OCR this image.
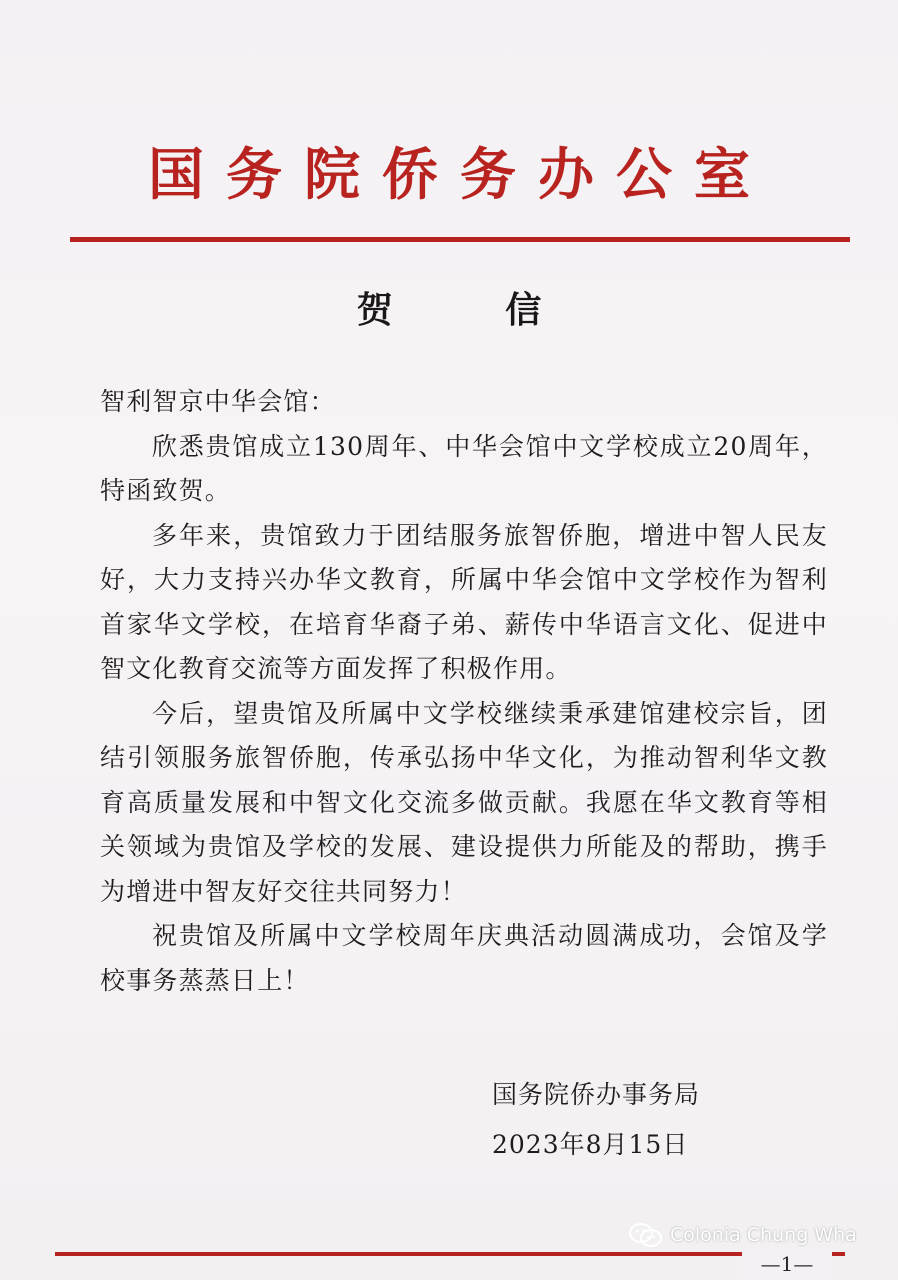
国务院侨务办公室
贺 信

智利智京中华会馆：

欣悉贵馆成立130周年、中华会馆中文学校成立20周年，特函致贺。

多年来，贵馆致力于团结服务旅智侨胞，增进中智人民友好，大力支持兴办华文教育，所属中华会馆中文学校作为智利首家华文学校，在培育华裔子弟、薪传中华语言文化、促进中智文化教育交流等方面发挥了积极作用。

今后，望贵馆及所属中文学校继续秉承建馆建校宗旨，团结引领服务旅智侨胞，传承弘扬中华文化，为推动智利华文教育高质量发展和中智文化交流多做贡献。我愿在华文教育等相关领域为贵馆及学校的发展、建设提供力所能及的帮助，携手为增进中智友好交往共同努力！

祝贵馆及所属中文学校周年庆典活动圆满成功，会馆及学校事务蒸蒸日上！

国务院侨办事务局
2023年8月15日
Colonia Chung Wha
—1—
